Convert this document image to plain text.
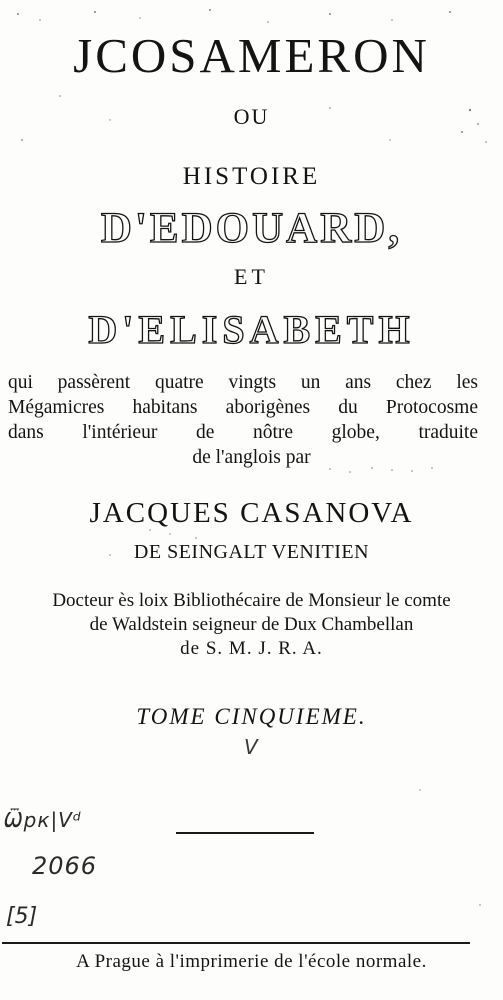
JCOSAMERON
OU
HISTOIRE
D'EDOUARD,
ET
D'ELISABETH
qui passèrent quatre vingts un ans chez les
Mégamicres habitans aborigènes du Protocosme
dans l'intérieur de nôtre globe, traduite
de l'anglois par
JACQUES CASANOVA
DE SEINGALT VENITIEN
Docteur ès loix Bibliothécaire de Monsieur le comte
de Waldstein seigneur de Dux Chambellan
de S. M. J. R. A.
TOME CINQUIEME.
V
Ѿрк|Vᵈ
2066
[5]
A Prague à l'imprimerie de l'école normale.
